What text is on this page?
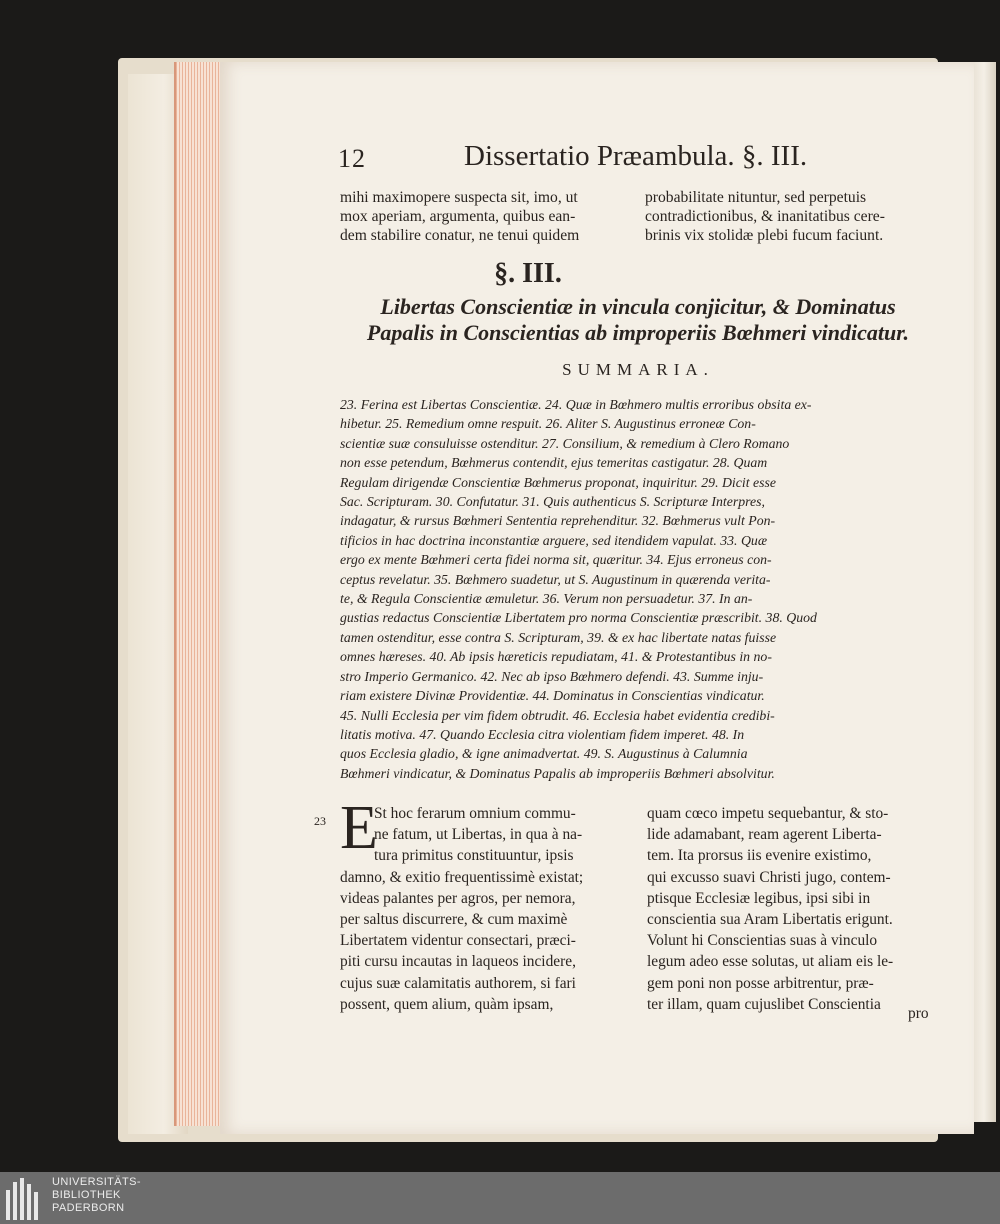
12	Dissertatio Præambula. §. III.
mihi maximopere suspecta sit, imo, ut
mox aperiam, argumenta, quibus ean-
dem stabilire conatur, ne tenui quidem
probabilitate nituntur, sed perpetuis
contradictionibus, & inanitatibus cere-
brinis vix stolidæ plebi fucum faciunt.
§. III.
Libertas Conscientiæ in vincula conjicitur, & Dominatus
Papalis in Conscientias ab improperiis Bœhmeri vindicatur.
SUMMARIA.
23. Ferina est Libertas Conscientiæ. 24. Quæ in Bœhmero multis erroribus obsita ex-
hibetur. 25. Remedium omne respuit. 26. Aliter S. Augustinus erroneæ Con-
scientiæ suæ consuluisse ostenditur. 27. Consilium, & remedium à Clero Romano
non esse petendum, Bœhmerus contendit, ejus temeritas castigatur. 28. Quam
Regulam dirigendæ Conscientiæ Bœhmerus proponat, inquiritur. 29. Dicit esse
Sac. Scripturam. 30. Confutatur. 31. Quis authenticus S. Scripturæ Interpres,
indagatur, & rursus Bœhmeri Sententia reprehenditur. 32. Bœhmerus vult Pon-
tificios in hac doctrina inconstantiæ arguere, sed itendidem vapulat. 33. Quæ
ergo ex mente Bœhmeri certa fidei norma sit, quæritur. 34. Ejus erroneus con-
ceptus revelatur. 35. Bœhmero suadetur, ut S. Augustinum in quærenda verita-
te, & Regula Conscientiæ æmuletur. 36. Verum non persuadetur. 37. In an-
gustias redactus Conscientiæ Libertatem pro norma Conscientiæ præscribit. 38. Quod
tamen ostenditur, esse contra S. Scripturam, 39. & ex hac libertate natas fuisse
omnes hæreses. 40. Ab ipsis hæreticis repudiatam, 41. & Protestantibus in no-
stro Imperio Germanico. 42. Nec ab ipso Bœhmero defendi. 43. Summe inju-
riam existere Divinæ Providentiæ. 44. Dominatus in Conscientias vindicatur.
45. Nulli Ecclesia per vim fidem obtrudit. 46. Ecclesia habet evidentia credibi-
litatis motiva. 47. Quando Ecclesia citra violentiam fidem imperet. 48. In
quos Ecclesia gladio, & igne animadvertat. 49. S. Augustinus à Calumnia
Bœhmeri vindicatur, & Dominatus Papalis ab improperiis Bœhmeri absolvitur.
23 E
St hoc ferarum omnium commu-
ne fatum, ut Libertas, in qua à na-
tura primitus constituuntur, ipsis
damno, & exitio frequentissimè existat;
videas palantes per agros, per nemora,
per saltus discurrere, & cum maximè
Libertatem videntur consectari, præci-
piti cursu incautas in laqueos incidere,
cujus suæ calamitatis authorem, si fari
possent, quem alium, quàm ipsam,
quam cœco impetu sequebantur, & sto-
lide adamabant, ream agerent Liberta-
tem. Ita prorsus iis evenire existimo,
qui excusso suavi Christi jugo, contem-
ptisque Ecclesiæ legibus, ipsi sibi in
conscientia sua Aram Libertatis erigunt.
Volunt hi Conscientias suas à vinculo
legum adeo esse solutas, ut aliam eis le-
gem poni non posse arbitrentur, præ-
ter illam, quam cujuslibet Conscientia
pro
UNIVERSITÄTS-
BIBLIOTHEK
PADERBORN
